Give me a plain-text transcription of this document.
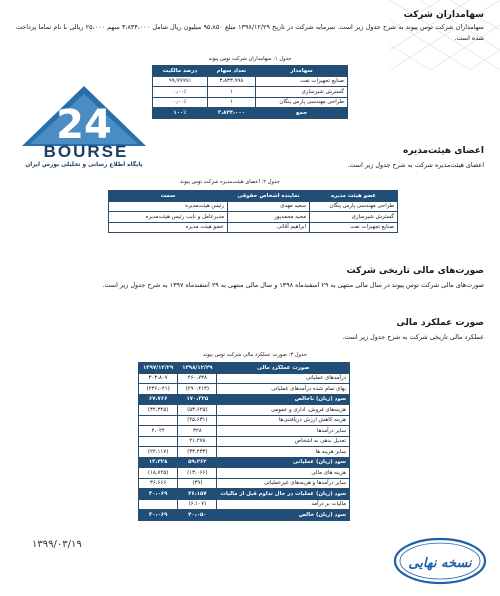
سهامداران شرکت
سهامداران شرکت توس پیوند به شرح جدول زیر است. سرمایه شرکت در تاریخ ۱۳۹۸/۱۲/۲۹ مبلغ ۹۵،۸۵۰ میلیون ریال شامل ۳،۸۳۴،۰۰۰ سهم ۲۵،۰۰۰ ریالی با نام تماما پرداخت شده است.
جدول ۱: سهامداران شرکت توس پیوند
سهامدار	تعداد سهام	درصد مالکیت
صنایع تجهیزات نفت	۳،۸۳۳،۹۹۸	۹۹٫۹۹۹۹٪
گسترش شیرسازی	۱	۰٫۰۰٪
طراحی مهندسی پارس پنگان	۱	۰٫۰۰٪
جمع	۳،۸۳۴،۰۰۰	۱۰۰٪
24
BOURSE
پایگاه اطلاع رسانی و تحلیلی بورس ایران
اعضای هیئت‌مدیره
اعضای هیئت‌مدیره شرکت به شرح جدول زیر است.
جدول ۲: اعضای هیئت‌مدیره شرکت توس پیوند
عضو هیئت مدیره	نماینده اشخاص حقوقی	سمت
طراحی مهندسی پارس پنگان	سعید مهدی	رئیس هیئت‌مدیره
گسترش شیرسازی	مجید محمدپور	مدیرعامل و نایب رئیس هیئت‌مدیره
صنایع تجهیزات نفت	ابراهیم آقائی	عضو هیئت مدیره
صورت‌های مالی تاریخی شرکت
صورت‌های مالی شرکت توس پیوند در سال مالی منتهی به ۲۹ اسفندماه ۱۳۹۸ و سال مالی منتهی به ۲۹ اسفندماه ۱۳۹۷ به شرح جدول زیر است.
صورت عملکرد مالی
عملکرد مالی تاریخی شرکت به شرح جدول زیر است.
جدول ۳: صورت عملکرد مالی شرکت توس پیوند
صورت عملکرد مالی	۱۳۹۸/۱۲/۲۹	۱۳۹۷/۱۲/۲۹
درآمدهای عملیاتی	۴۶۰،۷۳۸	۳۰۳،۸۰۷
بهای تمام شده درآمدهای عملیاتی	(۲۹۰،۴۱۳)	(۲۳۶،۰۴۱)
سود (زیان) ناخالص	۱۷۰،۳۲۵	۶۷،۷۶۶
هزینه‌های فروش، اداری و عمومی	(۵۳،۶۲۵)	(۳۴،۳۴۵)
هزینه کاهش ارزش دریافتنی‌ها	(۴۵،۶۳۱)	
سایر درآمدها	۳۲۸	۴،۰۲۴
تعدیل بدهی به اشخاص	۲۱،۲۷۸	
سایر هزینه ها	(۳۳،۴۳۳)	(۲۴،۱۱۷)
سود (زیان) عملیاتی	۵۹،۲۶۲	۱۳،۳۲۸
هزینه های مالی	(۱۳،۰۶۶)	(۱۸،۷۲۵)
سایر درآمدها و هزینه‌های غیرعملیاتی	(۳۹)	۳۶،۶۶۶
سود (زیان) عملیات در حال تداوم قبل از مالیات	۴۶،۱۵۷	۳۰،۰۶۹
مالیات بر درآمد	(۶،۱۰۷)	
سود (زیان) خالص	۴۰،۰۵۰	۳۰،۰۶۹
۱۳۹۹/۰۳/۱۹
نسخه نهایی
